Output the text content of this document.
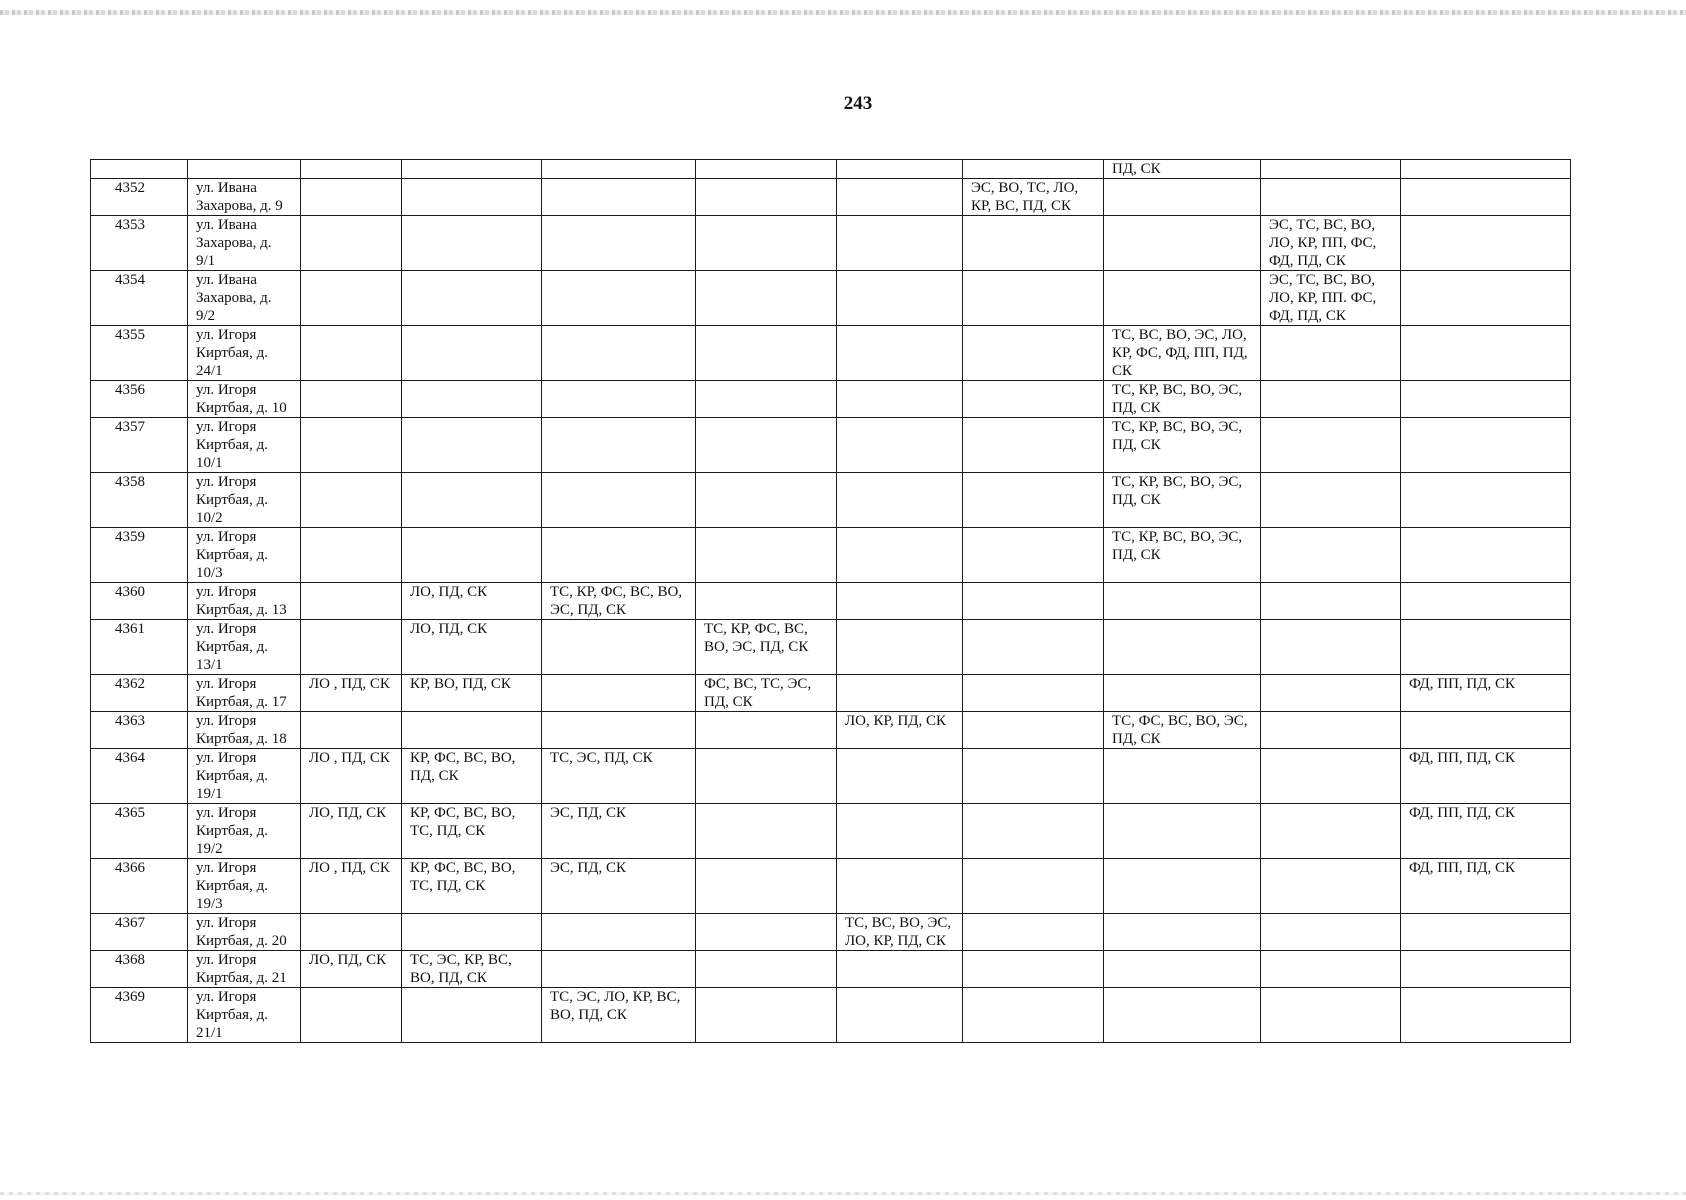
243
								ПД, СК		
4352	ул. Ивана Захарова, д. 9						ЭС, ВО, ТС, ЛО, КР, ВС, ПД, СК			
4353	ул. Ивана Захарова, д. 9/1								ЭС, ТС, ВС, ВО, ЛО, КР, ПП, ФС, ФД, ПД, СК	
4354	ул. Ивана Захарова, д. 9/2								ЭС, ТС, ВС, ВО, ЛО, КР, ПП. ФС, ФД, ПД, СК	
4355	ул. Игоря Киртбая, д. 24/1							ТС, ВС, ВО, ЭС, ЛО, КР, ФС, ФД, ПП, ПД, СК		
4356	ул. Игоря Киртбая, д. 10							ТС, КР, ВС, ВО, ЭС, ПД, СК		
4357	ул. Игоря Киртбая, д. 10/1							ТС, КР, ВС, ВО, ЭС, ПД, СК		
4358	ул. Игоря Киртбая, д. 10/2							ТС, КР, ВС, ВО, ЭС, ПД, СК		
4359	ул. Игоря Киртбая, д. 10/3							ТС, КР, ВС, ВО, ЭС, ПД, СК		
4360	ул. Игоря Киртбая, д. 13		ЛО, ПД, СК	ТС, КР, ФС, ВС, ВО, ЭС, ПД, СК						
4361	ул. Игоря Киртбая, д. 13/1		ЛО, ПД, СК		ТС, КР, ФС, ВС, ВО, ЭС, ПД, СК					
4362	ул. Игоря Киртбая, д. 17	ЛО , ПД, СК	КР, ВО, ПД, СК		ФС, ВС, ТС, ЭС, ПД, СК					ФД, ПП, ПД, СК
4363	ул. Игоря Киртбая, д. 18					ЛО, КР, ПД, СК		ТС, ФС, ВС, ВО, ЭС, ПД, СК		
4364	ул. Игоря Киртбая, д. 19/1	ЛО , ПД, СК	КР, ФС, ВС, ВО, ПД, СК	ТС, ЭС, ПД, СК						ФД, ПП, ПД, СК
4365	ул. Игоря Киртбая, д. 19/2	ЛО, ПД, СК	КР, ФС, ВС, ВО, ТС, ПД, СК	ЭС, ПД, СК						ФД, ПП, ПД, СК
4366	ул. Игоря Киртбая, д. 19/3	ЛО , ПД, СК	КР, ФС, ВС, ВО, ТС, ПД, СК	ЭС, ПД, СК						ФД, ПП, ПД, СК
4367	ул. Игоря Киртбая, д. 20					ТС, ВС, ВО, ЭС, ЛО, КР, ПД, СК				
4368	ул. Игоря Киртбая, д. 21	ЛО, ПД, СК	ТС, ЭС, КР, ВС, ВО, ПД, СК							
4369	ул. Игоря Киртбая, д. 21/1			ТС, ЭС, ЛО, КР, ВС, ВО, ПД, СК						
